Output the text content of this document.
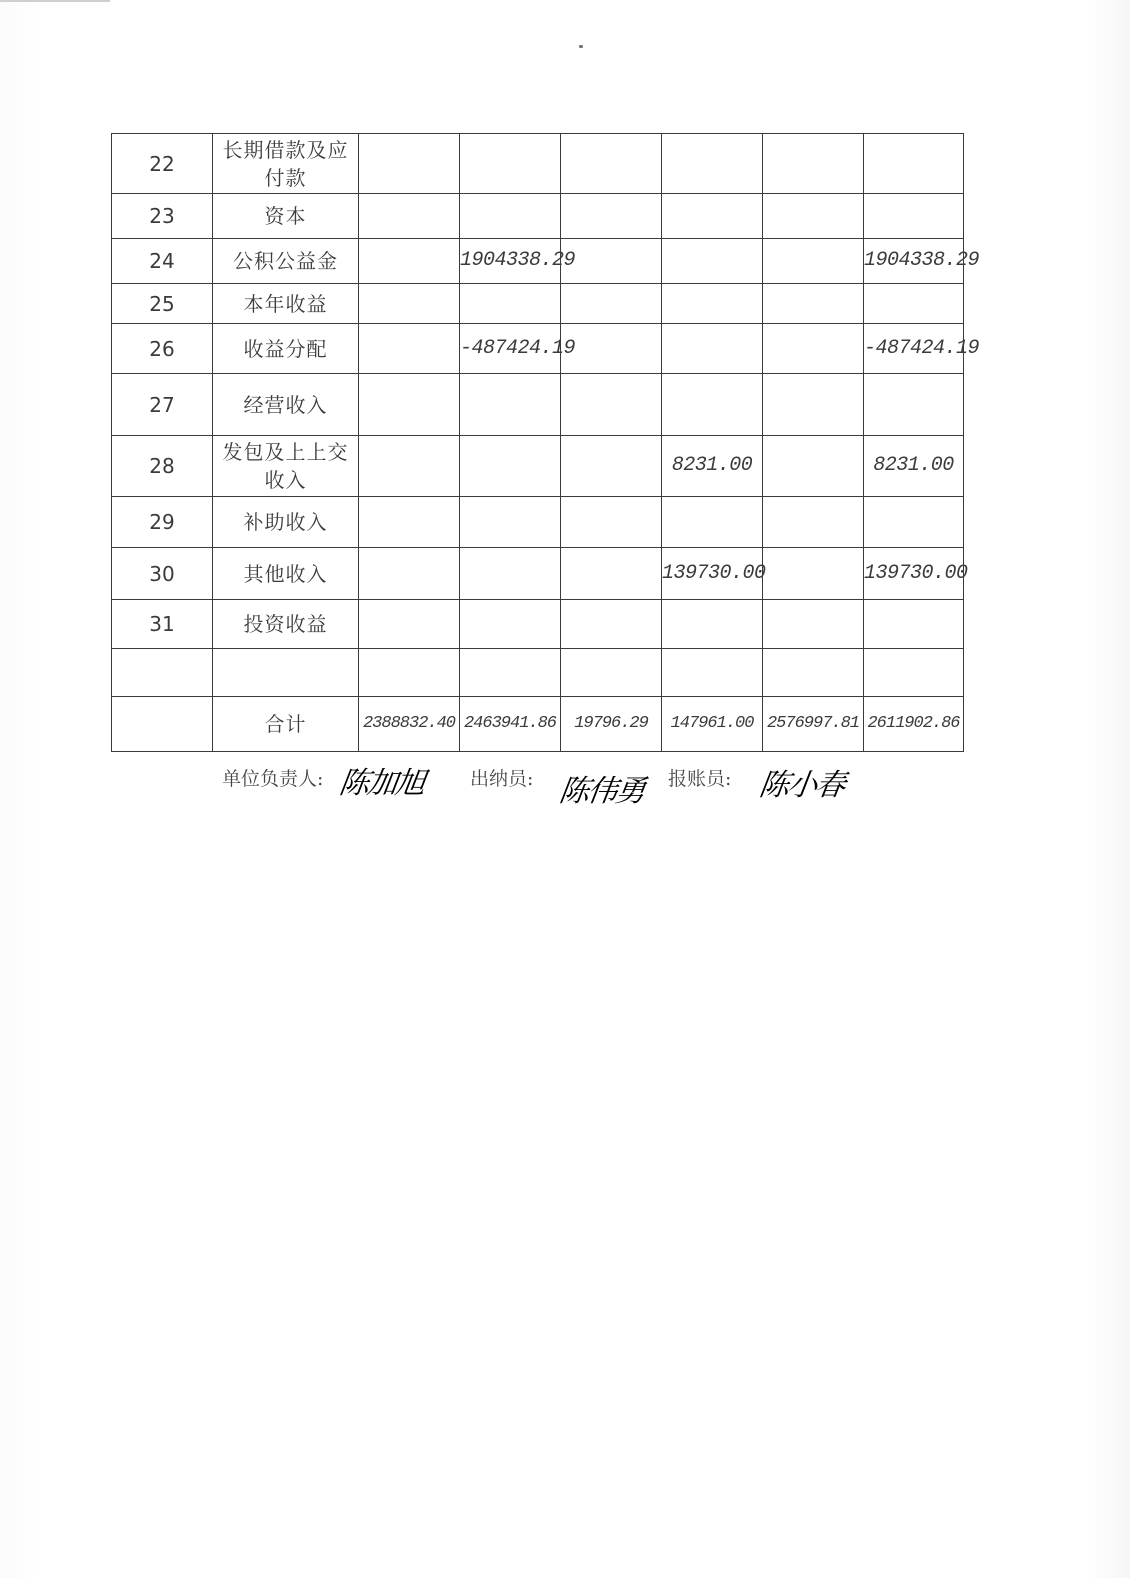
22	长期借款及应付款						
23	资本						
24	公积公益金		1904338.29				1904338.29
25	本年收益						
26	收益分配		-487424.19				-487424.19
27	经营收入						
28	发包及上上交收入				8231.00		8231.00
29	补助收入						
30	其他收入				139730.00		139730.00
31	投资收益						

	合计	2388832.40	2463941.86	19796.29	147961.00	2576997.81	2611902.86
单位负责人: 陈加旭 出纳员: 陈伟勇 报账员: 陈小春
